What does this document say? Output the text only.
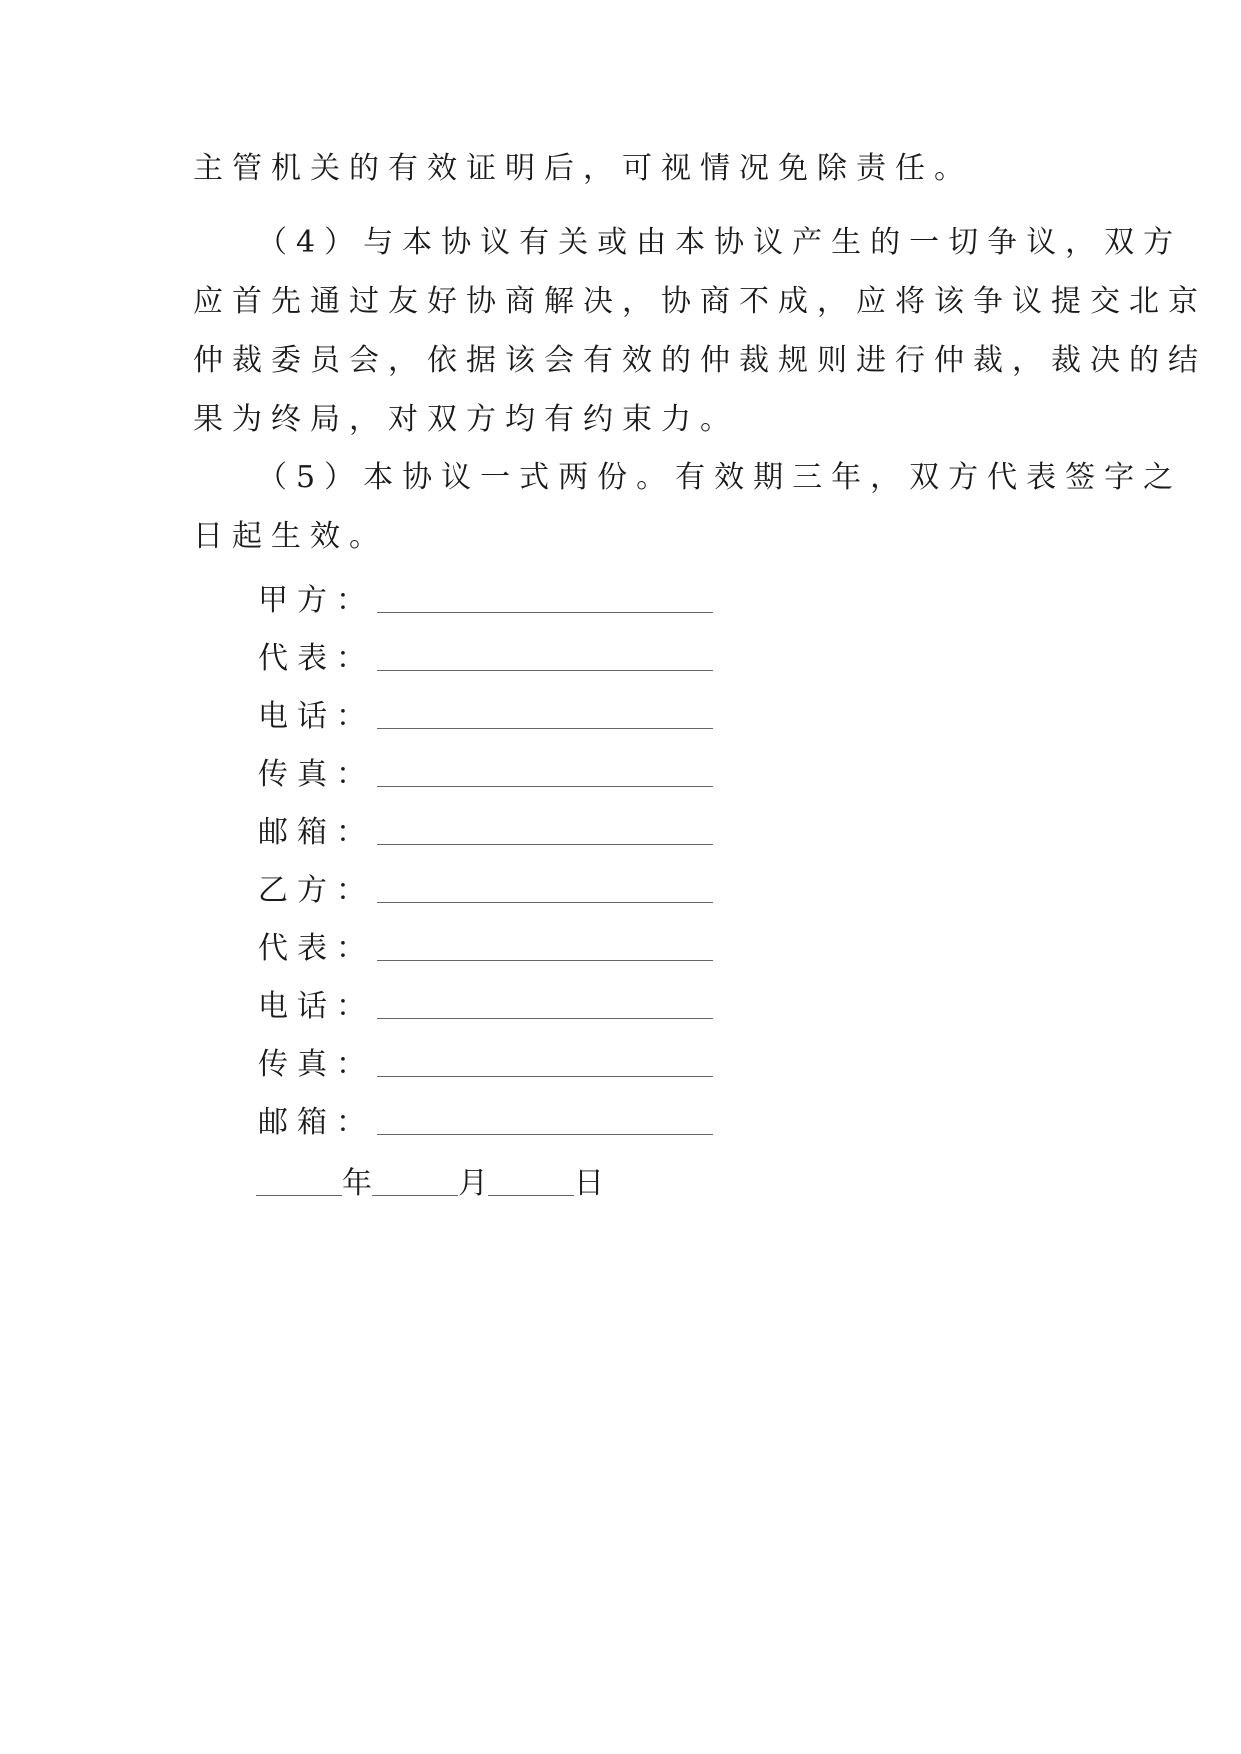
主管机关的有效证明后，可视情况免除责任。
（4）与本协议有关或由本协议产生的一切争议，双方
应首先通过友好协商解决，协商不成，应将该争议提交北京
仲裁委员会，依据该会有效的仲裁规则进行仲裁，裁决的结
果为终局，对双方均有约束力。
（5）本协议一式两份。有效期三年，双方代表签字之
日起生效。
甲方：
代表：
电话：
传真：
邮箱：
乙方：
代表：
电话：
传真：
邮箱：
年	月	日
